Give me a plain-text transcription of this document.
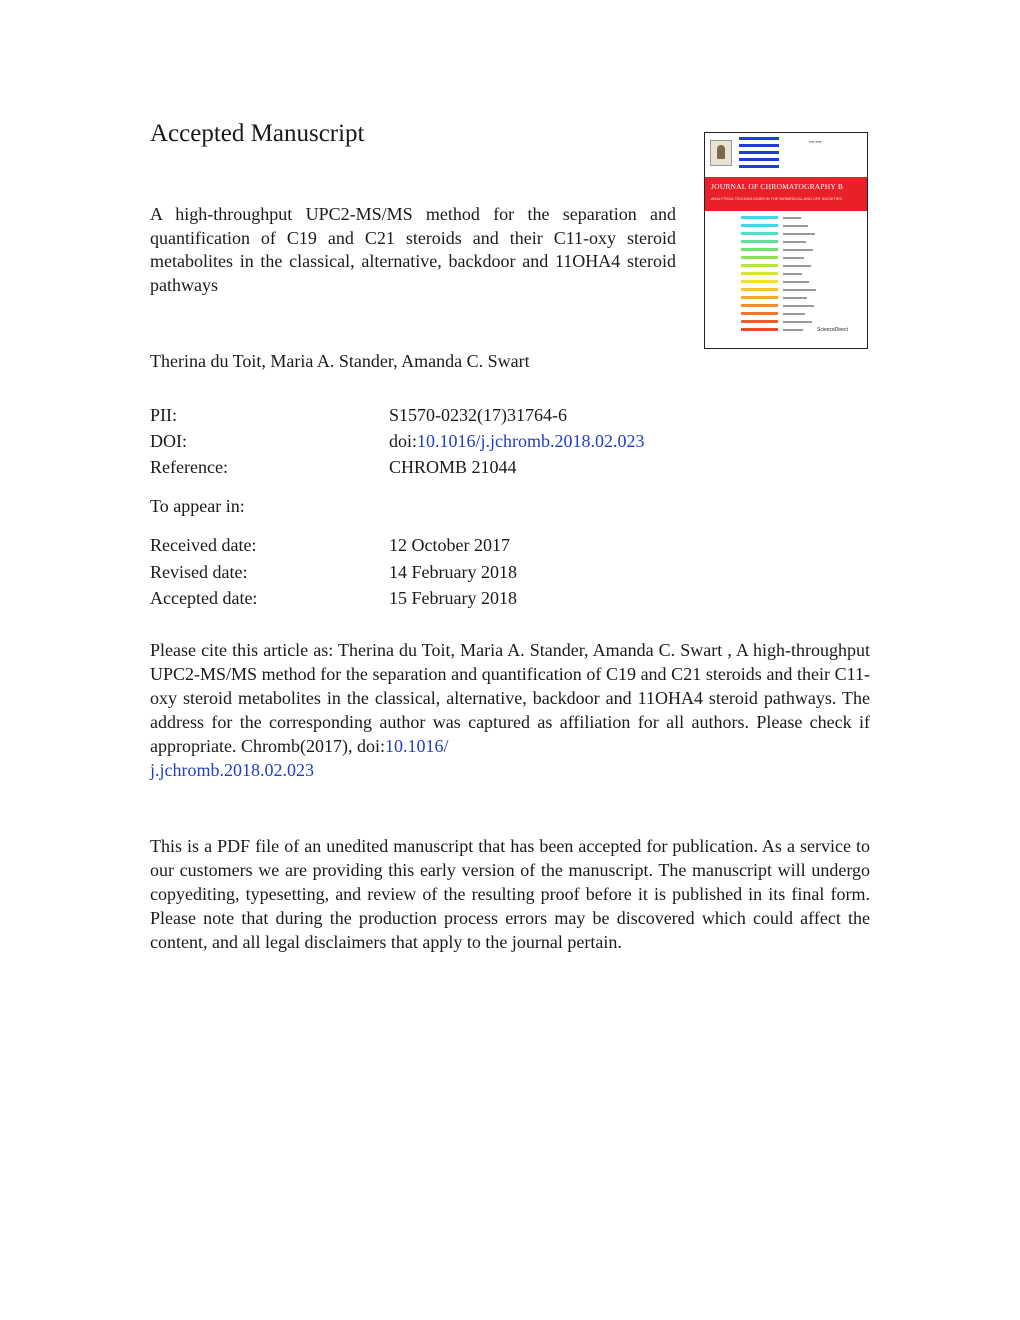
Accepted Manuscript
A high-throughput UPC2-MS/MS method for the separation and quantification of C19 and C21 steroids and their C11-oxy steroid metabolites in the classical, alternative, backdoor and 11OHA4 steroid pathways
▪▪▪▪-▪▪▪▪
JOURNAL OF CHROMATOGRAPHY B
ANALYTICAL TECHNOLOGIES IN THE BIOMEDICAL AND LIFE SOCIETIES
ScienceDirect
Therina du Toit, Maria A. Stander, Amanda C. Swart
PII:	S1570-0232(17)31764-6
DOI:	doi:10.1016/j.jchromb.2018.02.023
Reference:	CHROMB 21044
To appear in:
Received date:	12 October 2017
Revised date:	14 February 2018
Accepted date:	15 February 2018

Please cite this article as: Therina du Toit, Maria A. Stander, Amanda C. Swart , A high-throughput UPC2-MS/MS method for the separation and quantification of C19 and C21 steroids and their C11-oxy steroid metabolites in the classical, alternative, backdoor and 11OHA4 steroid pathways. The address for the corresponding author was captured as affiliation for all authors. Please check if appropriate. Chromb(2017), doi:10.1016/
j.jchromb.2018.02.023

This is a PDF file of an unedited manuscript that has been accepted for publication. As a service to our customers we are providing this early version of the manuscript. The manuscript will undergo copyediting, typesetting, and review of the resulting proof before it is published in its final form. Please note that during the production process errors may be discovered which could affect the content, and all legal disclaimers that apply to the journal pertain.
